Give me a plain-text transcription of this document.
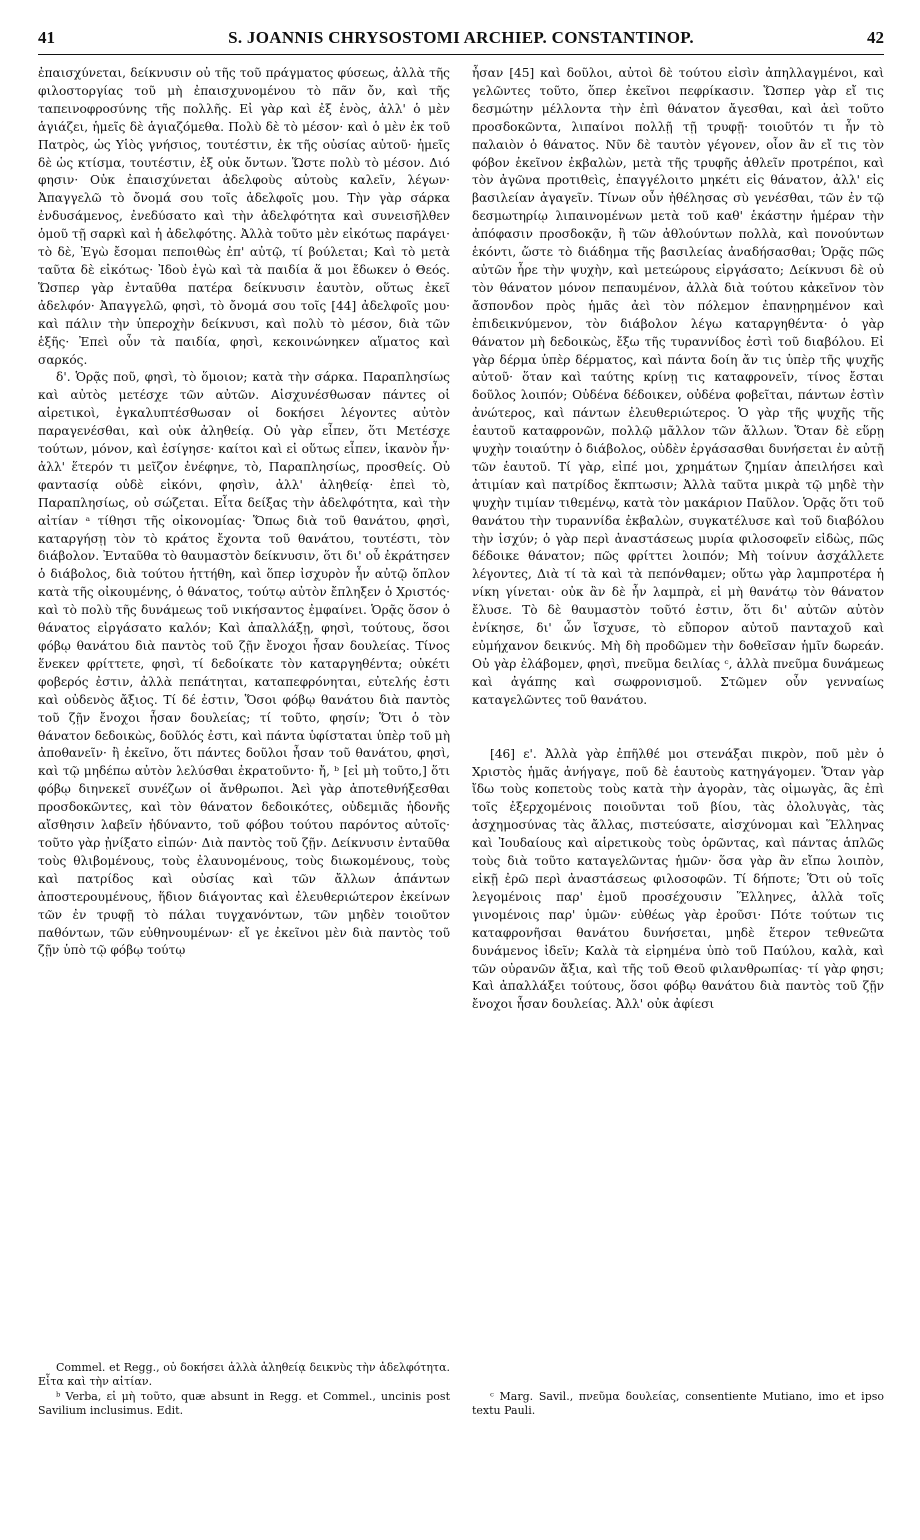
41	S. JOANNIS CHRYSOSTOMI ARCHIEP. CONSTANTINOP.	42

ἐπαισχύνεται, δείκνυσιν οὐ τῆς τοῦ πράγματος φύσεως, ἀλλὰ τῆς φιλοστοργίας τοῦ μὴ ἐπαισχυνομένου τὸ πᾶν ὄν, καὶ τῆς ταπεινοφροσύνης τῆς πολλῆς. Εἰ γὰρ καὶ ἐξ ἑνὸς, ἀλλ' ὁ μὲν ἁγιάζει, ἡμεῖς δὲ ἁγιαζόμεθα. Πολὺ δὲ τὸ μέσον· καὶ ὁ μὲν ἐκ τοῦ Πατρὸς, ὡς Υἱὸς γνήσιος, τουτέστιν, ἐκ τῆς οὐσίας αὐτοῦ· ἡμεῖς δὲ ὡς κτίσμα, τουτέστιν, ἐξ οὐκ ὄντων. Ὥστε πολὺ τὸ μέσον. Διό φησιν· Οὐκ ἐπαισχύνεται ἀδελφοὺς αὐτοὺς καλεῖν, λέγων· Ἀπαγγελῶ τὸ ὄνομά σου τοῖς ἀδελφοῖς μου. Τὴν γὰρ σάρκα ἐνδυσάμενος, ἐνεδύσατο καὶ τὴν ἀδελφότητα καὶ συνεισῆλθεν ὁμοῦ τῇ σαρκὶ καὶ ἡ ἀδελφότης. Ἀλλὰ τοῦτο μὲν εἰκότως παράγει· τὸ δὲ, Ἐγὼ ἔσομαι πεποιθὼς ἐπ' αὐτῷ, τί βούλεται; Καὶ τὸ μετὰ ταῦτα δὲ εἰκότως· Ἰδοὺ ἐγὼ καὶ τὰ παιδία ἅ μοι ἔδωκεν ὁ Θεός. Ὥσπερ γὰρ ἐνταῦθα πατέρα δείκνυσιν ἑαυτὸν, οὕτως ἐκεῖ ἀδελφόν· Ἀπαγγελῶ, φησὶ, τὸ ὄνομά σου τοῖς [44] ἀδελφοῖς μου· καὶ πάλιν τὴν ὑπεροχὴν δείκνυσι, καὶ πολὺ τὸ μέσον, διὰ τῶν ἑξῆς· Ἐπεὶ οὖν τὰ παιδία, φησὶ, κεκοινώνηκεν αἵματος καὶ σαρκός.

δ'. Ὁρᾷς ποῦ, φησὶ, τὸ ὅμοιον; κατὰ τὴν σάρκα. Παραπλησίως καὶ αὐτὸς μετέσχε τῶν αὐτῶν. Αἰσχυνέσθωσαν πάντες οἱ αἱρετικοὶ, ἐγκαλυπτέσθωσαν οἱ δοκήσει λέγοντες αὐτὸν παραγενέσθαι, καὶ οὐκ ἀληθείᾳ. Οὐ γὰρ εἶπεν, ὅτι Μετέσχε τούτων, μόνον, καὶ ἐσίγησε· καίτοι καὶ εἰ οὕτως εἶπεν, ἱκανὸν ἦν· ἀλλ' ἕτερόν τι μεῖζον ἐνέφηνε, τὸ, Παραπλησίως, προσθείς. Οὐ φαντασίᾳ οὐδὲ εἰκόνι, φησὶν, ἀλλ' ἀληθείᾳ· ἐπεὶ τὸ, Παραπλησίως, οὐ σώζεται. Εἶτα δείξας τὴν ἀδελφότητα, καὶ τὴν αἰτίαν ᵃ τίθησι τῆς οἰκονομίας· Ὅπως διὰ τοῦ θανάτου, φησὶ, καταργήσῃ τὸν τὸ κράτος ἔχοντα τοῦ θανάτου, τουτέστι, τὸν διάβολον. Ἐνταῦθα τὸ θαυμαστὸν δείκνυσιν, ὅτι δι' οὗ ἐκράτησεν ὁ διάβολος, διὰ τούτου ἡττήθη, καὶ ὅπερ ἰσχυρὸν ἦν αὐτῷ ὅπλον κατὰ τῆς οἰκουμένης, ὁ θάνατος, τούτῳ αὐτὸν ἔπληξεν ὁ Χριστός· καὶ τὸ πολὺ τῆς δυνάμεως τοῦ νικήσαντος ἐμφαίνει. Ὁρᾷς ὅσον ὁ θάνατος εἰργάσατο καλόν; Καὶ ἀπαλλάξῃ, φησὶ, τούτους, ὅσοι φόβῳ θανάτου διὰ παντὸς τοῦ ζῇν ἔνοχοι ἦσαν δουλείας. Τίνος ἕνεκεν φρίττετε, φησὶ, τί δεδοίκατε τὸν καταργηθέντα; οὐκέτι φοβερός ἐστιν, ἀλλὰ πεπάτηται, καταπεφρόνηται, εὐτελής ἐστι καὶ οὐδενὸς ἄξιος. Τί δέ ἐστιν, Ὅσοι φόβῳ θανάτου διὰ παντὸς τοῦ ζῇν ἔνοχοι ἦσαν δουλείας; τί τοῦτο, φησίν; Ὅτι ὁ τὸν θάνατον δεδοικὼς, δοῦλός ἐστι, καὶ πάντα ὑφίσταται ὑπὲρ τοῦ μὴ ἀποθανεῖν· ἢ ἐκεῖνο, ὅτι πάντες δοῦλοι ἦσαν τοῦ θανάτου, φησὶ, καὶ τῷ μηδέπω αὐτὸν λελύσθαι ἐκρατοῦντο· ἤ, ᵇ [εἰ μὴ τοῦτο,] ὅτι φόβῳ διηνεκεῖ συνέζων οἱ ἄνθρωποι. Ἀεὶ γὰρ ἀποτεθνήξεσθαι προσδοκῶντες, καὶ τὸν θάνατον δεδοικότες, οὐδεμιᾶς ἡδονῆς αἴσθησιν λαβεῖν ἠδύναντο, τοῦ φόβου τούτου παρόντος αὐτοῖς· τοῦτο γὰρ ᾐνίξατο εἰπών· Διὰ παντὸς τοῦ ζῇν. Δείκνυσιν ἐνταῦθα τοὺς θλιβομένους, τοὺς ἐλαυνομένους, τοὺς διωκομένους, τοὺς καὶ πατρίδος καὶ οὐσίας καὶ τῶν ἄλλων ἁπάντων ἀποστερουμένους, ἥδιον διάγοντας καὶ ἐλευθεριώτερον ἐκείνων τῶν ἐν τρυφῇ τὸ πάλαι τυγχανόντων, τῶν μηδὲν τοιοῦτον παθόντων, τῶν εὐθηνουμένων· εἴ γε ἐκεῖνοι μὲν διὰ παντὸς τοῦ ζῇν ὑπὸ τῷ φόβῳ τούτῳ

Commel. et Regg., οὐ δοκήσει ἀλλὰ ἀληθείᾳ δεικνὺς τὴν ἀδελφότητα. Εἶτα καὶ τὴν αἰτίαν.

ᵇ Verba, εἰ μὴ τοῦτο, quæ absunt in Regg. et Commel., uncinis post Savilium inclusimus. Edit.

ἦσαν [45] καὶ δοῦλοι, αὐτοὶ δὲ τούτου εἰσὶν ἀπηλλαγμένοι, καὶ γελῶντες τοῦτο, ὅπερ ἐκεῖνοι πεφρίκασιν. Ὥσπερ γὰρ εἴ τις δεσμώτην μέλλοντα τὴν ἐπὶ θάνατον ἄγεσθαι, καὶ ἀεὶ τοῦτο προσδοκῶντα, λιπαίνοι πολλῇ τῇ τρυφῇ· τοιοῦτόν τι ἦν τὸ παλαιὸν ὁ θάνατος. Νῦν δὲ ταυτὸν γέγονεν, οἷον ἂν εἴ τις τὸν φόβον ἐκεῖνον ἐκβαλὼν, μετὰ τῆς τρυφῆς ἀθλεῖν προτρέποι, καὶ τὸν ἀγῶνα προτιθεὶς, ἐπαγγέλοιτο μηκέτι εἰς θάνατον, ἀλλ' εἰς βασιλείαν ἀγαγεῖν. Τίνων οὖν ἠθέλησας σὺ γενέσθαι, τῶν ἐν τῷ δεσμωτηρίῳ λιπαινομένων μετὰ τοῦ καθ' ἑκάστην ἡμέραν τὴν ἀπόφασιν προσδοκᾷν, ἢ τῶν ἀθλούντων πολλὰ, καὶ πονούντων ἑκόντι, ὥστε τὸ διάδημα τῆς βασιλείας ἀναδήσασθαι; Ὁρᾷς πῶς αὐτῶν ἦρε τὴν ψυχὴν, καὶ μετεώρους εἰργάσατο; Δείκνυσι δὲ οὐ τὸν θάνατον μόνον πεπαυμένον, ἀλλὰ διὰ τούτου κἀκεῖνον τὸν ἄσπονδον πρὸς ἡμᾶς ἀεὶ τὸν πόλεμον ἐπανῃρημένον καὶ ἐπιδεικνύμενον, τὸν διάβολον λέγω καταργηθέντα· ὁ γὰρ θάνατον μὴ δεδοικὼς, ἔξω τῆς τυραννίδος ἐστὶ τοῦ διαβόλου. Εἰ γὰρ δέρμα ὑπὲρ δέρματος, καὶ πάντα δοίη ἄν τις ὑπὲρ τῆς ψυχῆς αὐτοῦ· ὅταν καὶ ταύτης κρίνῃ τις καταφρονεῖν, τίνος ἔσται δοῦλος λοιπόν; Οὐδένα δέδοικεν, οὐδένα φοβεῖται, πάντων ἐστὶν ἀνώτερος, καὶ πάντων ἐλευθεριώτερος. Ὁ γὰρ τῆς ψυχῆς τῆς ἑαυτοῦ καταφρονῶν, πολλῷ μᾶλλον τῶν ἄλλων. Ὅταν δὲ εὕρῃ ψυχὴν τοιαύτην ὁ διάβολος, οὐδὲν ἐργάσασθαι δυνήσεται ἐν αὐτῇ τῶν ἑαυτοῦ. Τί γὰρ, εἰπέ μοι, χρημάτων ζημίαν ἀπειλήσει καὶ ἀτιμίαν καὶ πατρίδος ἔκπτωσιν; Ἀλλὰ ταῦτα μικρὰ τῷ μηδὲ τὴν ψυχὴν τιμίαν τιθεμένῳ, κατὰ τὸν μακάριον Παῦλον. Ὁρᾷς ὅτι τοῦ θανάτου τὴν τυραννίδα ἐκβαλὼν, συγκατέλυσε καὶ τοῦ διαβόλου τὴν ἰσχύν; ὁ γὰρ περὶ ἀναστάσεως μυρία φιλοσοφεῖν εἰδὼς, πῶς δέδοικε θάνατον; πῶς φρίττει λοιπόν; Μὴ τοίνυν ἀσχάλλετε λέγοντες, Διὰ τί τὰ καὶ τὰ πεπόνθαμεν; οὕτω γὰρ λαμπροτέρα ἡ νίκη γίνεται· οὐκ ἂν δὲ ἦν λαμπρὰ, εἰ μὴ θανάτῳ τὸν θάνατον ἔλυσε. Τὸ δὲ θαυμαστὸν τοῦτό ἐστιν, ὅτι δι' αὐτῶν αὐτὸν ἐνίκησε, δι' ὧν ἴσχυσε, τὸ εὔπορον αὐτοῦ πανταχοῦ καὶ εὐμήχανον δεικνύς. Μὴ δὴ προδῶμεν τὴν δοθεῖσαν ἡμῖν δωρεάν. Οὐ γὰρ ἐλάβομεν, φησὶ, πνεῦμα δειλίας ᶜ, ἀλλὰ πνεῦμα δυνάμεως καὶ ἀγάπης καὶ σωφρονισμοῦ. Στῶμεν οὖν γενναίως καταγελῶντες τοῦ θανάτου.

[46] ε'. Ἀλλὰ γὰρ ἐπῆλθέ μοι στενάξαι πικρὸν, ποῦ μὲν ὁ Χριστὸς ἡμᾶς ἀνήγαγε, ποῦ δὲ ἑαυτοὺς κατηγάγομεν. Ὅταν γὰρ ἴδω τοὺς κοπετοὺς τοὺς κατὰ τὴν ἀγορὰν, τὰς οἰμωγὰς, ἃς ἐπὶ τοῖς ἐξερχομένοις ποιοῦνται τοῦ βίου, τὰς ὀλολυγὰς, τὰς ἀσχημοσύνας τὰς ἄλλας, πιστεύσατε, αἰσχύνομαι καὶ Ἕλληνας καὶ Ἰουδαίους καὶ αἱρετικοὺς τοὺς ὁρῶντας, καὶ πάντας ἁπλῶς τοὺς διὰ τοῦτο καταγελῶντας ἡμῶν· ὅσα γὰρ ἂν εἴπω λοιπὸν, εἰκῇ ἐρῶ περὶ ἀναστάσεως φιλοσοφῶν. Τί δήποτε; Ὅτι οὐ τοῖς λεγομένοις παρ' ἐμοῦ προσέχουσιν Ἕλληνες, ἀλλὰ τοῖς γινομένοις παρ' ὑμῶν· εὐθέως γὰρ ἐροῦσι· Πότε τούτων τις καταφρονῆσαι θανάτου δυνήσεται, μηδὲ ἕτερον τεθνεῶτα δυνάμενος ἰδεῖν; Καλὰ τὰ εἰρημένα ὑπὸ τοῦ Παύλου, καλὰ, καὶ τῶν οὐρανῶν ἄξια, καὶ τῆς τοῦ Θεοῦ φιλανθρωπίας· τί γὰρ φησι; Καὶ ἀπαλλάξει τούτους, ὅσοι φόβῳ θανάτου διὰ παντὸς τοῦ ζῇν ἔνοχοι ἦσαν δουλείας. Ἀλλ' οὐκ ἀφίεσι

ᶜ Marg. Savil., πνεῦμα δουλείας, consentiente Mutiano, imo et ipso textu Pauli.
